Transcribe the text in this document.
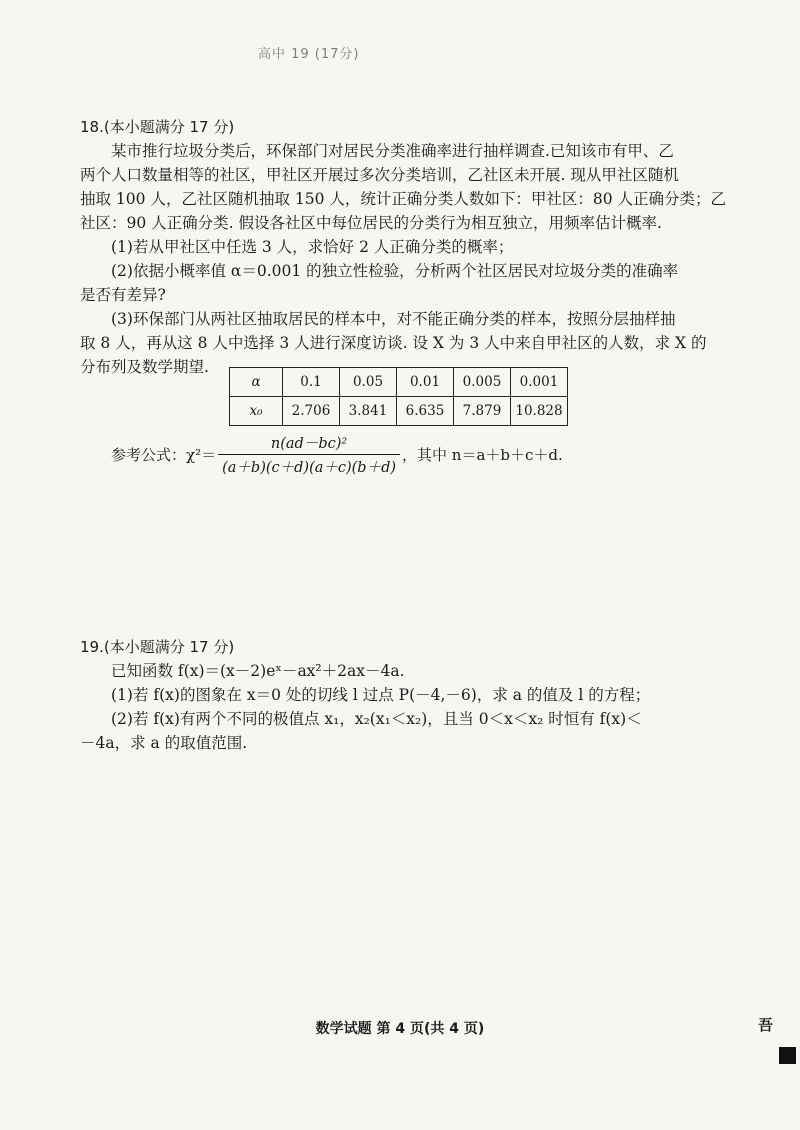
高中 19 (17分)
18.(本小题满分 17 分)
某市推行垃圾分类后，环保部门对居民分类准确率进行抽样调查.已知该市有甲、乙
两个人口数量相等的社区，甲社区开展过多次分类培训，乙社区未开展. 现从甲社区随机
抽取 100 人，乙社区随机抽取 150 人，统计正确分类人数如下：甲社区：80 人正确分类；乙
社区：90 人正确分类. 假设各社区中每位居民的分类行为相互独立，用频率估计概率.
(1)若从甲社区中任选 3 人，求恰好 2 人正确分类的概率；
(2)依据小概率值 α＝0.001 的独立性检验，分析两个社区居民对垃圾分类的准确率
是否有差异?
(3)环保部门从两社区抽取居民的样本中，对不能正确分类的样本，按照分层抽样抽
取 8 人，再从这 8 人中选择 3 人进行深度访谈. 设 X 为 3 人中来自甲社区的人数，求 X 的
分布列及数学期望.
α	0.1	0.05	0.01	0.005	0.001
x₀	2.706	3.841	6.635	7.879	10.828
参考公式：$\chi^2= \frac{\text{n(ad－bc)²}}{(a+b)(c+d)(a+c)(b+d)}$ ，其中 n＝a＋b＋c＋d.
19.(本小题满分 17 分)
已知函数 f(x)＝(x－2)eˣ－ax²＋2ax－4a.
(1)若 f(x)的图象在 x＝0 处的切线 l 过点 P(－4,－6)，求 a 的值及 l 的方程；
(2)若 f(x)有两个不同的极值点 x₁，x₂(x₁＜x₂)，且当 0＜x＜x₂ 时恒有 f(x)＜
－4a，求 a 的取值范围.
数学试题 第 4 页(共 4 页)	吾
